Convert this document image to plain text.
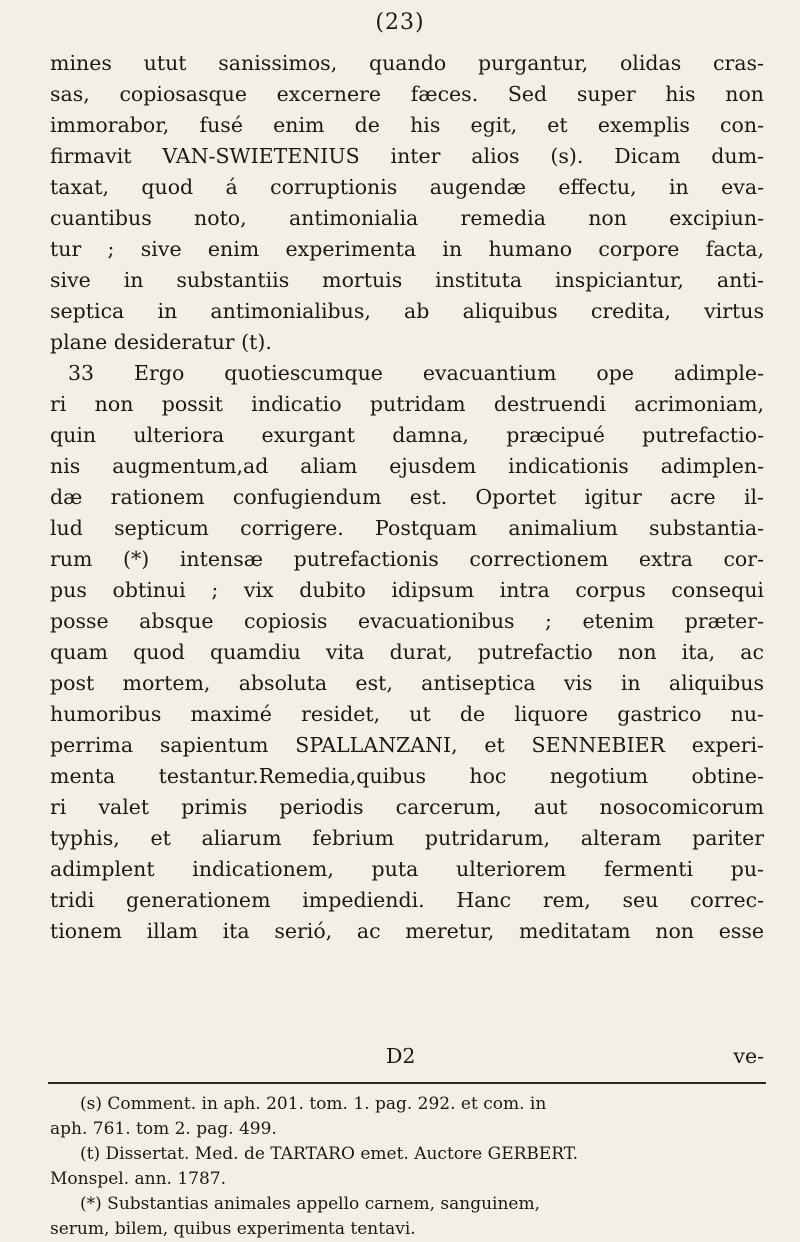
(23)
mines utut sanissimos, quando purgantur, olidas cras-
sas, copiosasque excernere fæces. Sed super his non
immorabor, fusé enim de his egit, et exemplis con-
firmavit VAN-SWIETENIUS inter alios (s). Dicam dum-
taxat, quod á corruptionis augendæ effectu, in eva-
cuantibus noto, antimonialia remedia non excipiun-
tur ; sive enim experimenta in humano corpore facta,
sive in substantiis mortuis instituta inspiciantur, anti-
septica in antimonialibus, ab aliquibus credita, virtus
plane desideratur (t).
33 Ergo quotiescumque evacuantium ope adimple-
ri non possit indicatio putridam destruendi acrimoniam,
quin ulteriora exurgant damna, præcipué putrefactio-
nis augmentum,ad aliam ejusdem indicationis adimplen-
dæ rationem confugiendum est. Oportet igitur acre il-
lud septicum corrigere. Postquam animalium substantia-
rum (*) intensæ putrefactionis correctionem extra cor-
pus obtinui ; vix dubito idipsum intra corpus consequi
posse absque copiosis evacuationibus ; etenim præter-
quam quod quamdiu vita durat, putrefactio non ita, ac
post mortem, absoluta est, antiseptica vis in aliquibus
humoribus maximé residet, ut de liquore gastrico nu-
perrima sapientum SPALLANZANI, et SENNEBIER experi-
menta testantur.Remedia,quibus hoc negotium obtine-
ri valet primis periodis carcerum, aut nosocomicorum
typhis, et aliarum febrium putridarum, alteram pariter
adimplent indicationem, puta ulteriorem fermenti pu-
tridi generationem impediendi. Hanc rem, seu correc-
tionem illam ita serió, ac meretur, meditatam non esse
D2	ve-
(s) Comment. in aph. 201. tom. 1. pag. 292. et com. in
aph. 761. tom 2. pag. 499.
(t) Dissertat. Med. de TARTARO emet. Auctore GERBERT.
Monspel. ann. 1787.
(*) Substantias animales appello carnem, sanguinem,
serum, bilem, quibus experimenta tentavi.
